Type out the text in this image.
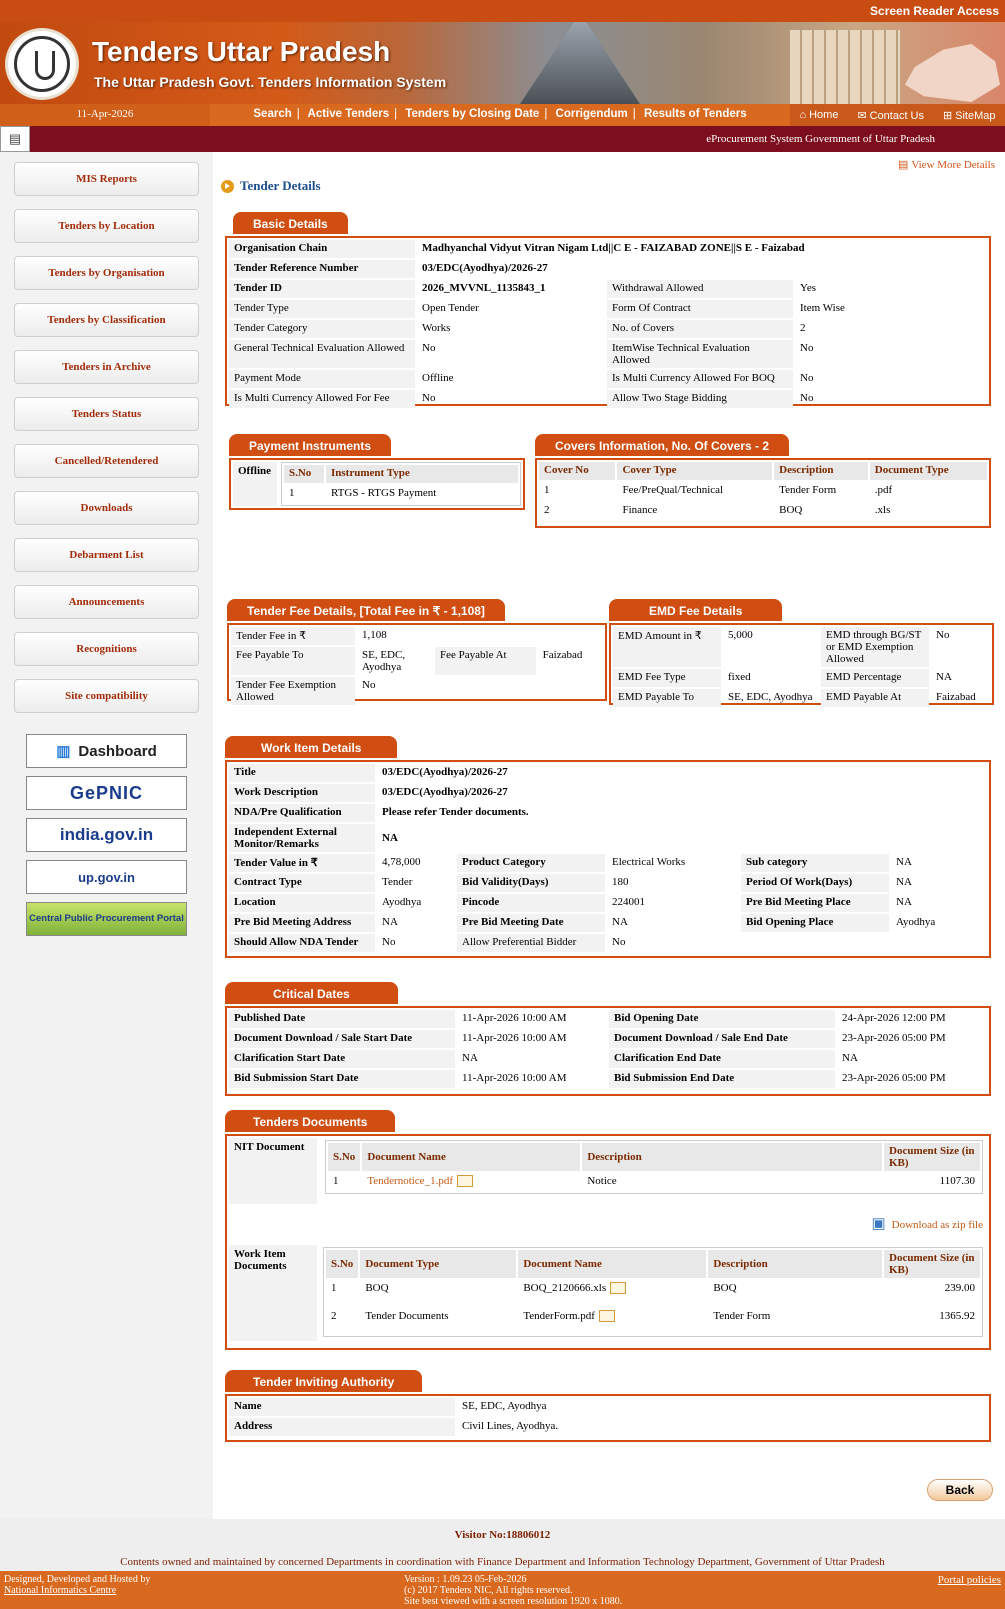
Screen Reader Access
Tenders Uttar Pradesh
The Uttar Pradesh Govt. Tenders Information System
11-Apr-2026	Search | Active Tenders | Tenders by Closing Date | Corrigendum | Results of Tenders	⌂ Home ✉ Contact Us ⊞ SiteMap
▤	eProcurement System Government of Uttar Pradesh
MIS Reports
Tenders by Location
Tenders by Organisation
Tenders by Classification
Tenders in Archive
Tenders Status
Cancelled/Retendered
Downloads
Debarment List
Announcements
Recognitions
Site compatibility
▥ Dashboard
GePNIC
india.gov.in
up.gov.in
Central Public Procurement Portal
▤ View More Details
Tender Details
Basic Details
Organisation Chain	Madhyanchal Vidyut Vitran Nigam Ltd||C E - FAIZABAD ZONE||S E - Faizabad		
Tender Reference Number	03/EDC(Ayodhya)/2026-27		
Tender ID	2026_MVVNL_1135843_1	Withdrawal Allowed	Yes
Tender Type	Open Tender	Form Of Contract	Item Wise
Tender Category	Works	No. of Covers	2
General Technical Evaluation Allowed	No	ItemWise Technical Evaluation Allowed	No
Payment Mode	Offline	Is Multi Currency Allowed For BOQ	No
Is Multi Currency Allowed For Fee	No	Allow Two Stage Bidding	No
Payment Instruments
Offline	S.No	Instrument Type
1	RTGS - RTGS Payment
Covers Information, No. Of Covers - 2
Cover No	Cover Type	Description	Document Type
1	Fee/PreQual/Technical	Tender Form	.pdf
2	Finance	BOQ	.xls
Tender Fee Details, [Total Fee in ₹ - 1,108]
Tender Fee in ₹	1,108		
Fee Payable To	SE, EDC, Ayodhya	Fee Payable At	Faizabad
Tender Fee Exemption Allowed	No		
EMD Fee Details
EMD Amount in ₹	5,000	EMD through BG/ST or EMD Exemption Allowed	No
EMD Fee Type	fixed	EMD Percentage	NA
EMD Payable To	SE, EDC, Ayodhya	EMD Payable At	Faizabad
Work Item Details
Title	03/EDC(Ayodhya)/2026-27				
Work Description	03/EDC(Ayodhya)/2026-27				
NDA/Pre Qualification	Please refer Tender documents.				
Independent External Monitor/Remarks	NA				
Tender Value in ₹	4,78,000	Product Category	Electrical Works	Sub category	NA
Contract Type	Tender	Bid Validity(Days)	180	Period Of Work(Days)	NA
Location	Ayodhya	Pincode	224001	Pre Bid Meeting Place	NA
Pre Bid Meeting Address	NA	Pre Bid Meeting Date	NA	Bid Opening Place	Ayodhya
Should Allow NDA Tender	No	Allow Preferential Bidder	No		
Critical Dates
Published Date	11-Apr-2026 10:00 AM	Bid Opening Date	24-Apr-2026 12:00 PM
Document Download / Sale Start Date	11-Apr-2026 10:00 AM	Document Download / Sale End Date	23-Apr-2026 05:00 PM
Clarification Start Date	NA	Clarification End Date	NA
Bid Submission Start Date	11-Apr-2026 10:00 AM	Bid Submission End Date	23-Apr-2026 05:00 PM
Tenders Documents
NIT Document
S.No	Document Name	Description	Document Size (in KB)
1	Tendernotice_1.pdf	Notice	1107.30
▣ Download as zip file
Work Item Documents	S.No	Document Type	Document Name	Description	Document Size (in KB)
1	BOQ	BOQ_2120666.xls	BOQ	239.00
2	Tender Documents	TenderForm.pdf	Tender Form	1365.92
Tender Inviting Authority
Name	SE, EDC, Ayodhya
Address	Civil Lines, Ayodhya.
Back
Visitor No:18806012
Contents owned and maintained by concerned Departments in coordination with Finance Department and Information Technology Department, Government of Uttar Pradesh
Designed, Developed and Hosted by
National Informatics Centre
Version : 1.09.23 05-Feb-2026
(c) 2017 Tenders NIC, All rights reserved.
Site best viewed with a screen resolution 1920 x 1080.
Portal policies
